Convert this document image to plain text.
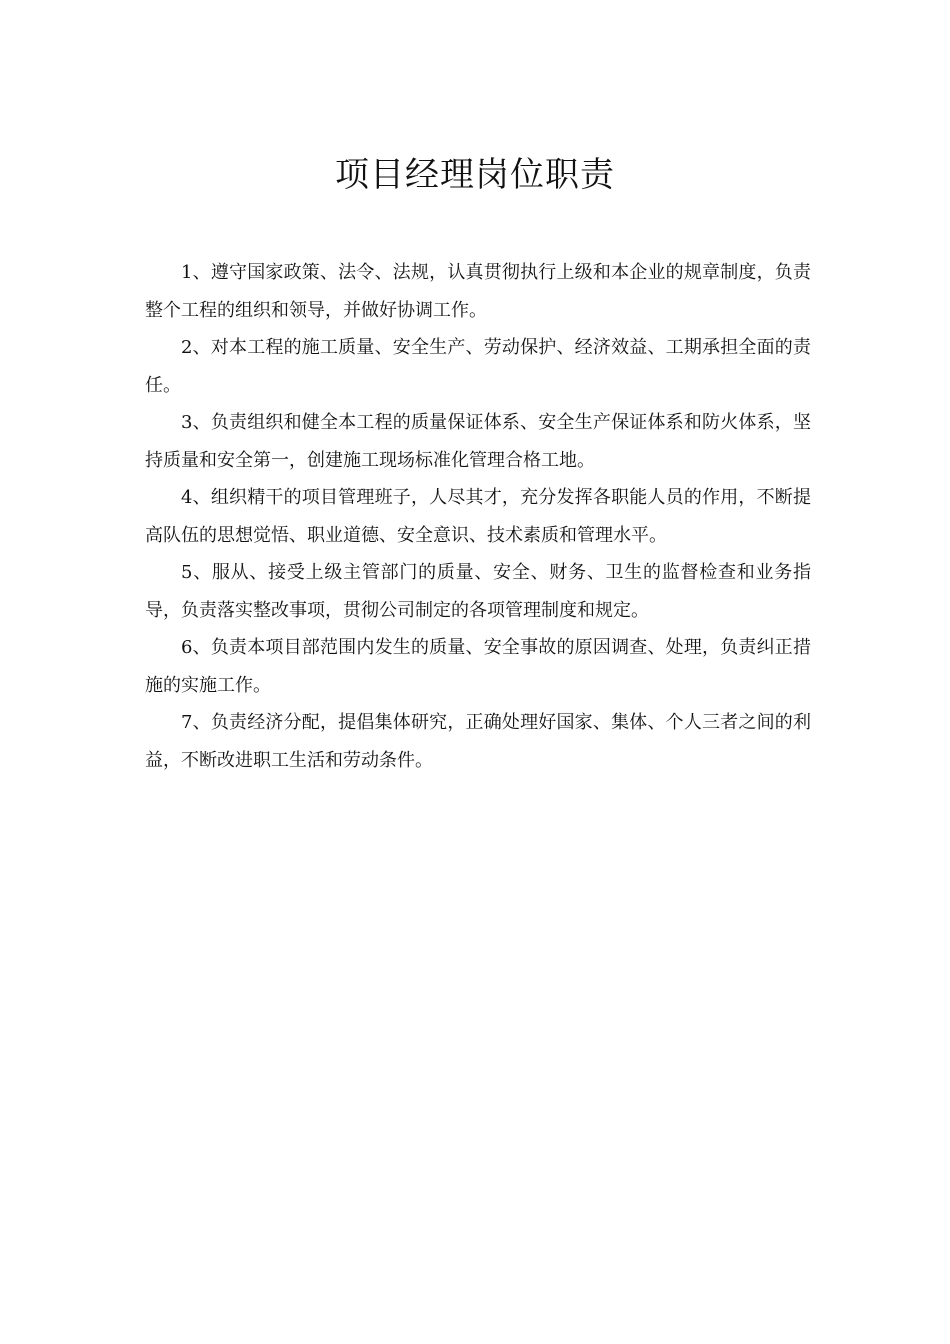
项目经理岗位职责

1、遵守国家政策、法令、法规，认真贯彻执行上级和本企业的规章制度，负责整个工程的组织和领导，并做好协调工作。

2、对本工程的施工质量、安全生产、劳动保护、经济效益、工期承担全面的责任。

3、负责组织和健全本工程的质量保证体系、安全生产保证体系和防火体系，坚持质量和安全第一，创建施工现场标准化管理合格工地。

4、组织精干的项目管理班子，人尽其才，充分发挥各职能人员的作用，不断提高队伍的思想觉悟、职业道德、安全意识、技术素质和管理水平。

5、服从、接受上级主管部门的质量、安全、财务、卫生的监督检查和业务指导，负责落实整改事项，贯彻公司制定的各项管理制度和规定。

6、负责本项目部范围内发生的质量、安全事故的原因调查、处理，负责纠正措施的实施工作。

7、负责经济分配，提倡集体研究，正确处理好国家、集体、个人三者之间的利益，不断改进职工生活和劳动条件。
